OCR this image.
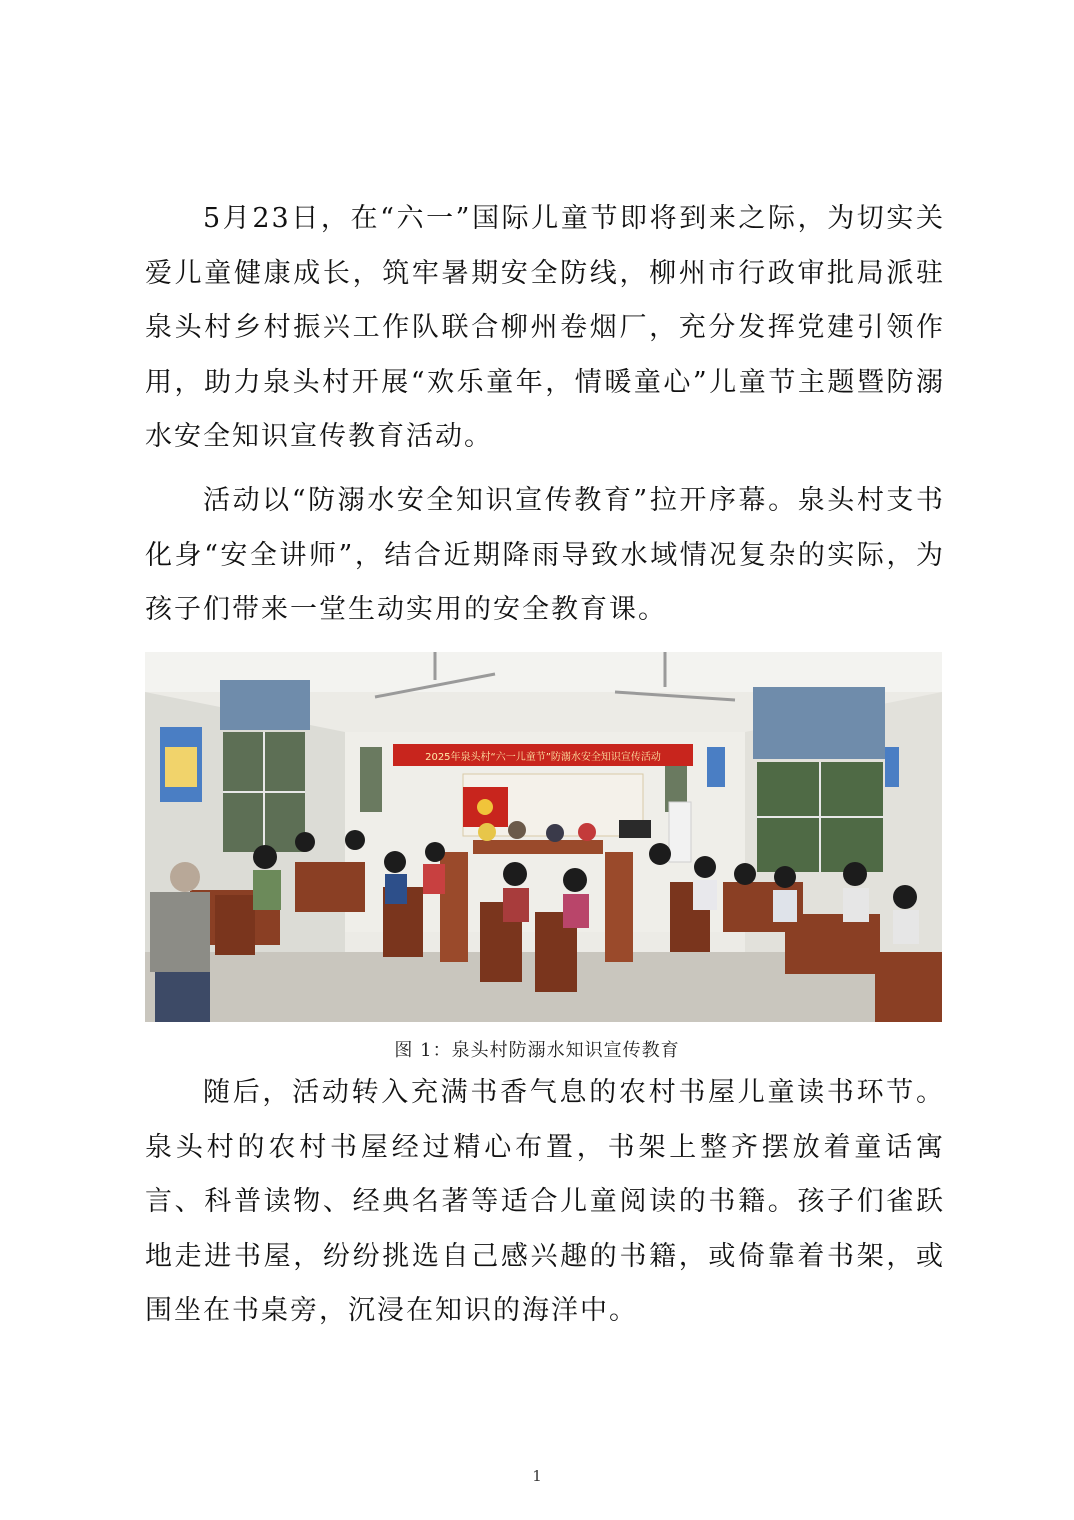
5月23日，在“六一”国际儿童节即将到来之际，为切实关爱儿童健康成长，筑牢暑期安全防线，柳州市行政审批局派驻泉头村乡村振兴工作队联合柳州卷烟厂，充分发挥党建引领作用，助力泉头村开展“欢乐童年，情暖童心”儿童节主题暨防溺水安全知识宣传教育活动。

活动以“防溺水安全知识宣传教育”拉开序幕。泉头村支书化身“安全讲师”，结合近期降雨导致水域情况复杂的实际，为孩子们带来一堂生动实用的安全教育课。

2025年泉头村“六一儿童节”防溺水安全知识宣传活动
图 1：泉头村防溺水知识宣传教育

随后，活动转入充满书香气息的农村书屋儿童读书环节。泉头村的农村书屋经过精心布置，书架上整齐摆放着童话寓言、科普读物、经典名著等适合儿童阅读的书籍。孩子们雀跃地走进书屋，纷纷挑选自己感兴趣的书籍，或倚靠着书架，或围坐在书桌旁，沉浸在知识的海洋中。

1
